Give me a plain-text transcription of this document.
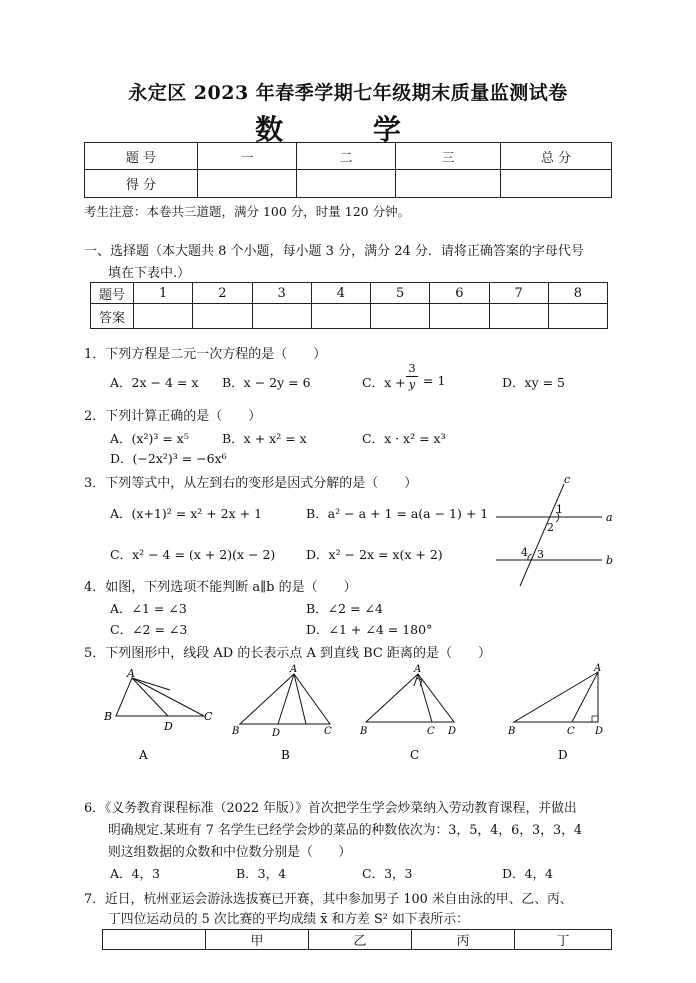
永定区 2023 年春季学期七年级期末质量监测试卷
数 学
题 号	一	二	三	总 分
得 分				
考生注意：本卷共三道题，满分 100 分，时量 120 分钟。
一、选择题（本大题共 8 个小题，每小题 3 分，满分 24 分．请将正确答案的字母代号
填在下表中.）
题号	1	2	3	4	5	6	7	8
答案								
1．下列方程是二元一次方程的是（　　）
A．2x − 4 = x B．x − 2y = 6	C．x +
3
y = 1	D．xy = 5
2．下列计算正确的是（　　）
A．(x²)³ = x⁵	B．x + x² = x	C．x · x² = x³
D．(−2x²)³ = −6x⁶
3．下列等式中，从左到右的变形是因式分解的是（　　）
A．(x+1)² = x² + 2x + 1	B．a² − a + 1 = a(a − 1) + 1
C．x² − 4 = (x + 2)(x − 2) D．x² − 2x = x(x + 2)
c
a
b
1
2
3
4
4．如图，下列选项不能判断 a∥b 的是（　　）
A．∠1 = ∠3	B．∠2 = ∠4
C．∠2 = ∠3	D．∠1 + ∠4 = 180°
5．下列图形中，线段 AD 的长表示点 A 到直线 BC 距离的是（　　）
A
B	C
D
A
B	D	C
A
B	C D
A
B	C D
A	B	C	D
6．《义务教育课程标准（2022 年版）》首次把学生学会炒菜纳入劳动教育课程，并做出
明确规定.某班有 7 名学生已经学会炒的菜品的种数依次为：3，5，4，6，3，3，4
则这组数据的众数和中位数分别是（　　）
A．4，3	B．3，4	C．3，3	D．4，4
7．近日，杭州亚运会游泳选拔赛已开赛，其中参加男子 100 米自由泳的甲、乙、丙、
丁四位运动员的 5 次比赛的平均成绩 x̄ 和方差 S² 如下表所示：
	甲	乙	丙	丁
